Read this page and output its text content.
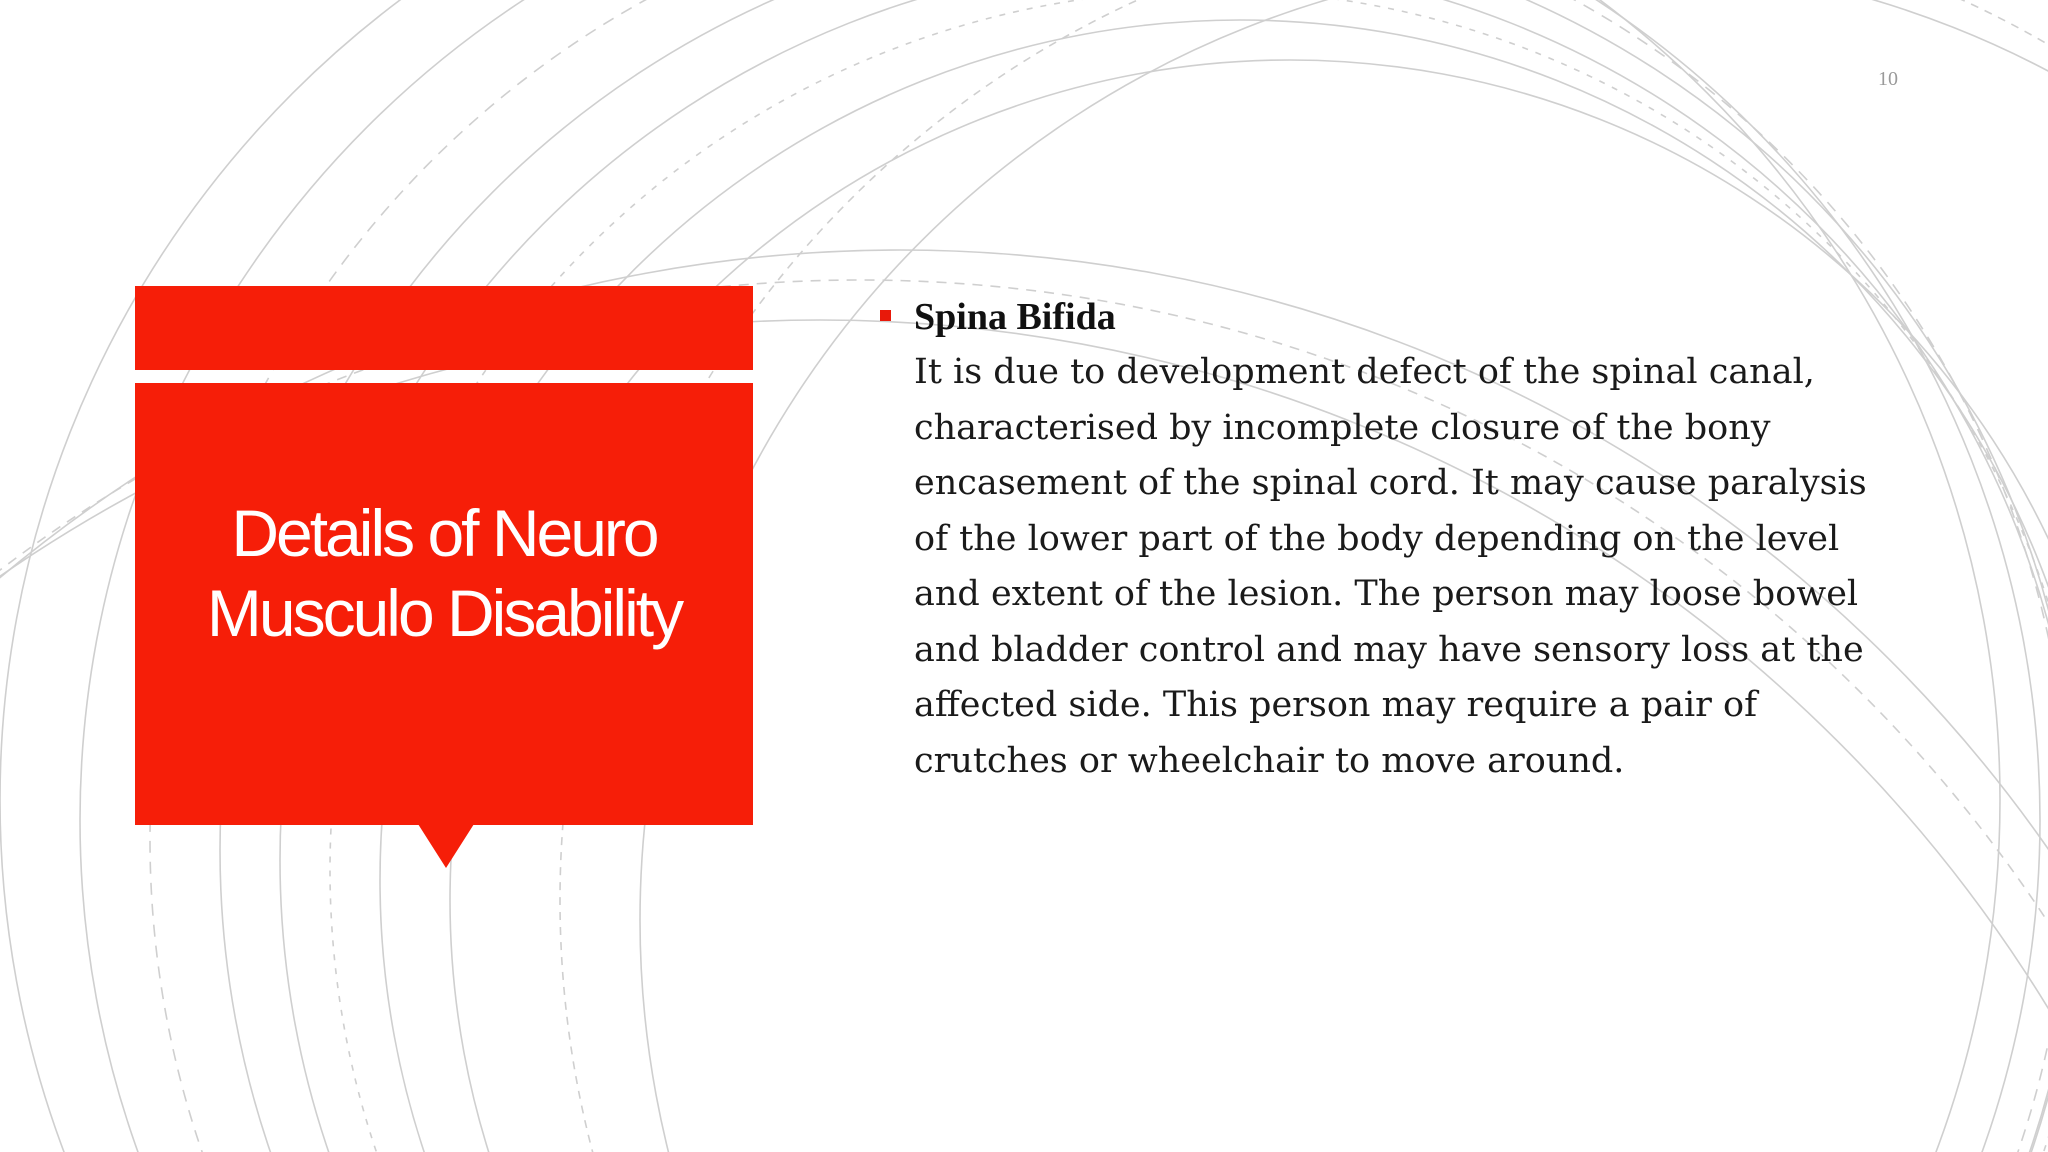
10
Details of Neuro Musculo Disability
Spina Bifida
It is due to development defect of the spinal canal, characterised by incomplete closure of the bony encasement of the spinal cord. It may cause paralysis of the lower part of the body depending on the level and extent of the lesion. The person may loose bowel and bladder control and may have sensory loss at the affected side. This person may require a pair of crutches or wheelchair to move around.
